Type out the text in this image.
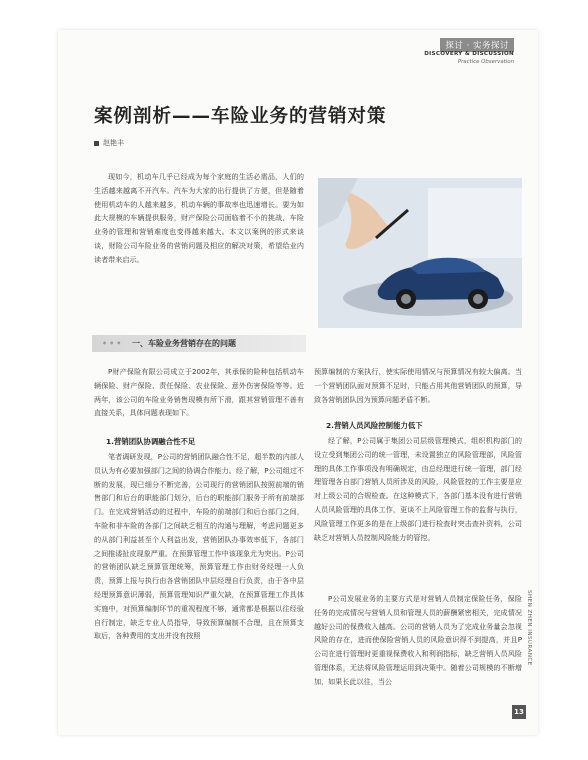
探讨 · 实务探讨
DISCOVERY & DISCUSSION
Practice Observation
案例剖析——车险业务的营销对策
赵艳丰

现如今，机动车几乎已经成为每个家庭的生活必需品，人们的生活越来越离不开汽车。汽车为大家的出行提供了方便，但是随着使用机动车的人越来越多，机动车辆的事故率也迅速增长。要为如此大规模的车辆提供服务，财产保险公司面临着不小的挑战，车险业务的管理和营销难度也变得越来越大。本文以案例的形式来谈谈，财险公司车险业务的营销问题及相应的解决对策，希望给业内读者带来启示。

••• 一、车险业务营销存在的问题

P财产保险有限公司成立于2002年，其承保的险种包括机动车辆保险、财产保险、责任保险、农业保险、意外伤害保险等等。近两年，该公司的车险业务销售现模有所下滑，跟其营销管理不善有直接关系，具体问题表现如下。

1.营销团队协调融合性不足

笔者调研发现，P公司的营销团队融合性不足，超半数的内部人员认为有必要加强部门之间的协调合作能力。经了解，P公司组过不断的发展，现已细分不断完善，公司现行的营销团队按照前端的销售部门和后台的职能部门划分，后台的职能部门服务于所有前端部门。在完成营销活动的过程中，车险的前端部门和后台部门之间，车险和非车险的各部门之间缺乏相互的沟通与理解，考虑问题更多的从部门利益甚至个人利益出发，营销团队办事效率低下，各部门之间推诿扯皮现象严重。在预算管理工作中该现象尤为突出。P公司的营销团队缺乏预算管理统筹，预算管理工作由财务经理一人负责，预算上报与执行由各营销团队中层经理自行负责，由于各中层经理预算意识薄弱，预算管理知识严重欠缺，在预算管理工作具体实施中，对预算编制环节的重视程度不够，通常都是根据以往经验自行制定，缺乏专业人员指导，导致预算编制不合理，且在预算支取后，各种费用的支出并没有按照

预算编制的方案执行，使实际使用情况与预算情况有较大偏离。当一个营销团队面对预算不足时，只能占用其他营销团队的预算，导致各营销团队因为预算问题矛盾不断。

2.营销人员风险控制能力低下

经了解，P公司属于集团公司层级管理模式，组织机构部门的设立受到集团公司的统一管理，未设置独立的风险管理部，风险管理的具体工作事项没有明确规定，由总经理进行统一管理，部门经理管理各自部门营销人员所涉及的风险，风险管控的工作主要是应对上级公司的合规检查。在这种模式下，各部门基本没有进行营销人员风险管理的具体工作，更谈不上风险管理工作的监督与执行，风险管理工作更多的是在上级部门进行检查时突击查补资料，公司缺乏对营销人员控制风险能力的管控。

P公司发展业务的主要方式是对营销人员制定保险任务，保险任务的完成情况与营销人员和管理人员的薪酬紧密相关，完成情况越好公司的保费收入越高。公司的营销人员为了完成业务量会忽视风险的存在，进而使保险营销人员的风险意识得不到提高，并且P公司在进行管理时更重视保费收入和利润指标，缺乏营销人员风险管理体系，无法将风险管理运用到决策中。随着公司规模的不断增加，如果长此以往，当公

SHEN ZHEN INSURANCE
13
